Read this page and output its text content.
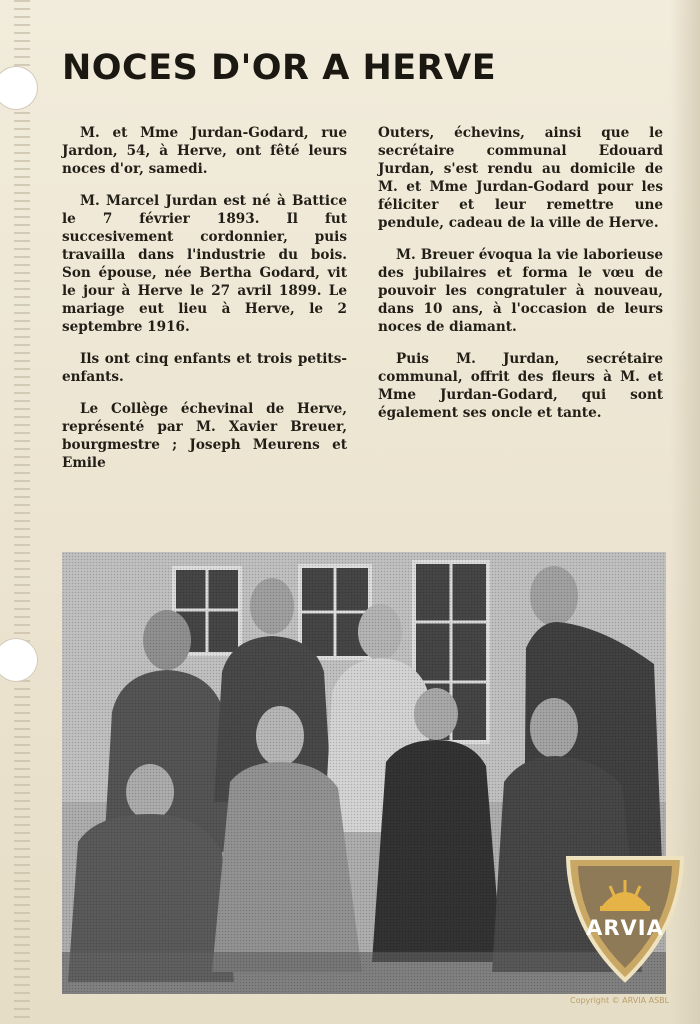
NOCES D'OR A HERVE

M. et Mme Jurdan-Godard, rue Jardon, 54, à Herve, ont fêté leurs noces d'or, samedi.

M. Marcel Jurdan est né à Battice le 7 février 1893. Il fut succesivement cordonnier, puis travailla dans l'industrie du bois. Son épouse, née Bertha Godard, vit le jour à Herve le 27 avril 1899. Le mariage eut lieu à Herve, le 2 septembre 1916.

Ils ont cinq enfants et trois petits-enfants.

Le Collège échevinal de Herve, représenté par M. Xavier Breuer, bourgmestre ; Joseph Meurens et Emile

Outers, échevins, ainsi que le secrétaire communal Edouard Jurdan, s'est rendu au domicile de M. et Mme Jurdan-Godard pour les féliciter et leur remettre une pendule, cadeau de la ville de Herve.

M. Breuer évoqua la vie laborieuse des jubilaires et forma le vœu de pouvoir les congratuler à nouveau, dans 10 ans, à l'occasion de leurs noces de diamant.

Puis M. Jurdan, secrétaire communal, offrit des fleurs à M. et Mme Jurdan-Godard, qui sont également ses oncle et tante.

ARVIA
Copyright © ARVIA ASBL
